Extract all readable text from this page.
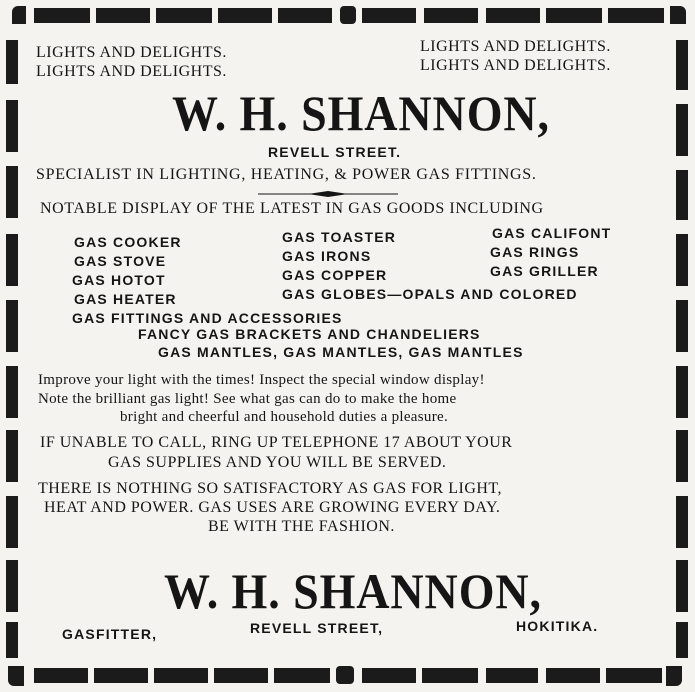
LIGHTS AND DELIGHTS.
LIGHTS AND DELIGHTS.
LIGHTS AND DELIGHTS.
LIGHTS AND DELIGHTS.
W. H. SHANNON,
REVELL STREET.
SPECIALIST IN LIGHTING, HEATING, & POWER GAS FITTINGS.
NOTABLE DISPLAY OF THE LATEST IN GAS GOODS INCLUDING
GAS COOKER
GAS STOVE
GAS HOTOT
GAS HEATER
GAS TOASTER
GAS IRONS
GAS COPPER
GAS GLOBES—OPALS AND COLORED
GAS CALIFONT
GAS RINGS
GAS GRILLER
GAS FITTINGS AND ACCESSORIES
FANCY GAS BRACKETS AND CHANDELIERS
GAS MANTLES, GAS MANTLES, GAS MANTLES
Improve your light with the times! Inspect the special window display!
Note the brilliant gas light! See what gas can do to make the home
bright and cheerful and household duties a pleasure.
IF UNABLE TO CALL, RING UP TELEPHONE 17 ABOUT YOUR
GAS SUPPLIES AND YOU WILL BE SERVED.
THERE IS NOTHING SO SATISFACTORY AS GAS FOR LIGHT,
HEAT AND POWER. GAS USES ARE GROWING EVERY DAY.
BE WITH THE FASHION.
W. H. SHANNON,
GASFITTER,	REVELL STREET,	HOKITIKA.
